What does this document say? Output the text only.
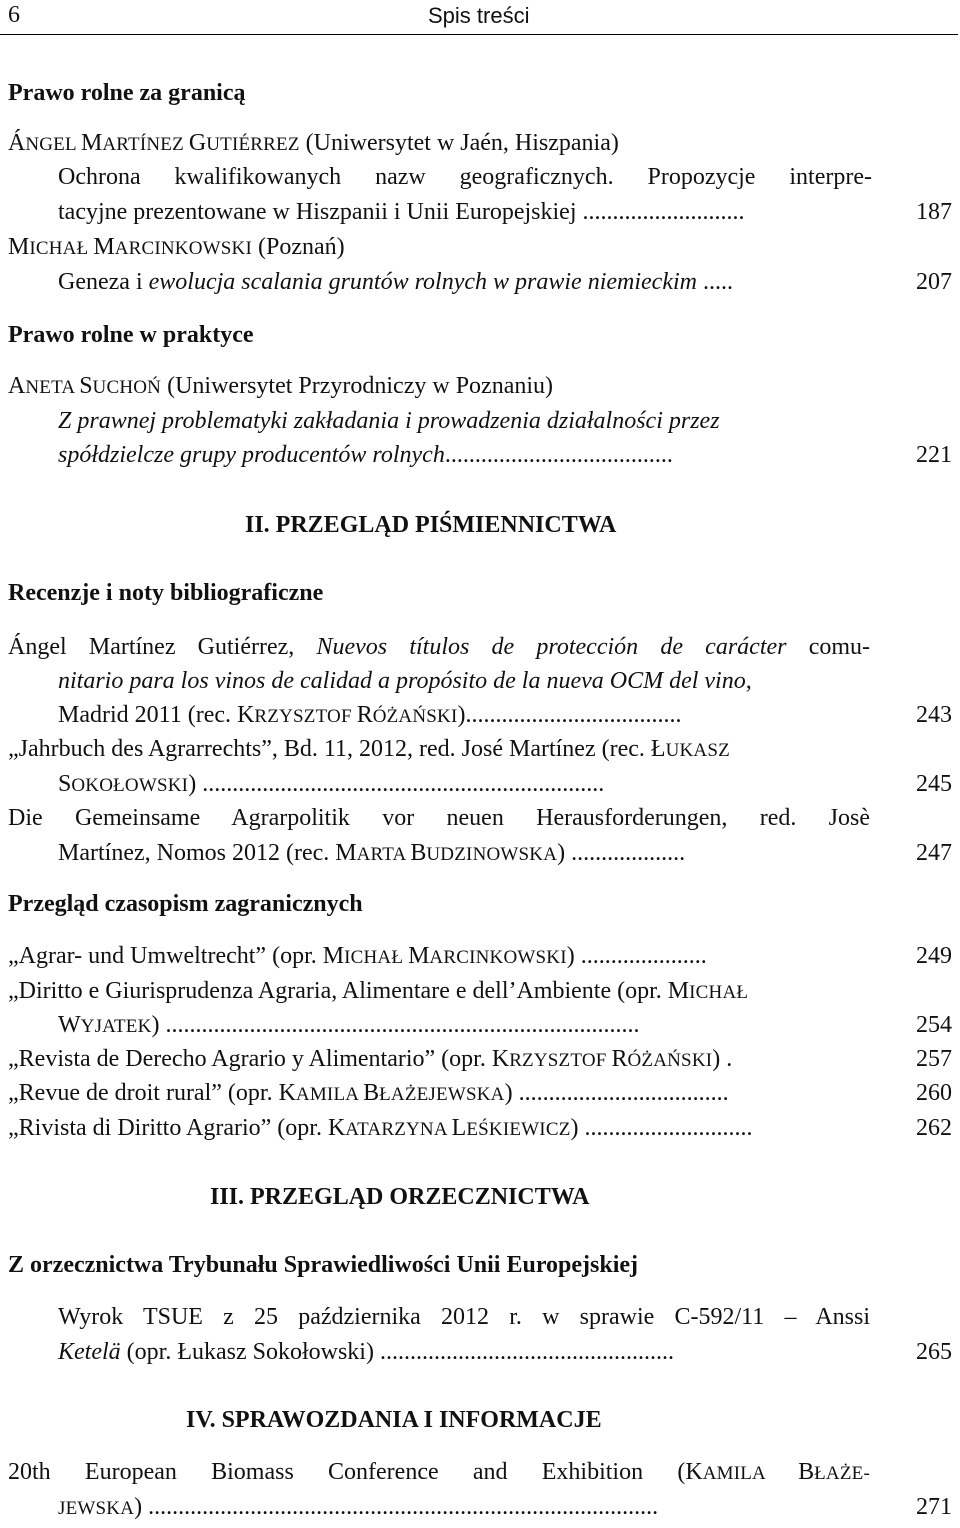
6	Spis treści
Prawo rolne za granicą
ÁNGEL MARTÍNEZ GUTIÉRREZ (Uniwersytet w Jaén, Hiszpania)
Ochrona kwalifikowanych nazw geograficznych. Propozycje interpre-
tacyjne prezentowane w Hiszpanii i Unii Europejskiej ...........................	187
MICHAŁ MARCINKOWSKI (Poznań)
Geneza i ewolucja scalania gruntów rolnych w prawie niemieckim .....	207
Prawo rolne w praktyce
ANETA SUCHOŃ (Uniwersytet Przyrodniczy w Poznaniu)
Z prawnej problematyki zakładania i prowadzenia działalności przez
spółdzielcze grupy producentów rolnych......................................	221
II. PRZEGLĄD PIŚMIENNICTWA
Recenzje i noty bibliograficzne
Ángel Martínez Gutiérrez, Nuevos títulos de protección de carácter comu-
nitario para los vinos de calidad a propósito de la nueva OCM del vino,
Madrid 2011 (rec. KRZYSZTOF RÓŻAŃSKI)....................................	243
„Jahrbuch des Agrarrechts”, Bd. 11, 2012, red. José Martínez (rec. ŁUKASZ
SOKOŁOWSKI) ...................................................................	245
Die Gemeinsame Agrarpolitik vor neuen Herausforderungen, red. Josè
Martínez, Nomos 2012 (rec. MARTA BUDZINOWSKA) ...................	247
Przegląd czasopism zagranicznych
„Agrar- und Umweltrecht” (opr. MICHAŁ MARCINKOWSKI) .....................	249
„Diritto e Giurisprudenza Agraria, Alimentare e dell’Ambiente (opr. MICHAŁ
WYJATEK) ...............................................................................	254
„Revista de Derecho Agrario y Alimentario” (opr. KRZYSZTOF RÓŻAŃSKI) .	257
„Revue de droit rural” (opr. KAMILA BŁAŻEJEWSKA) ...................................	260
„Rivista di Diritto Agrario” (opr. KATARZYNA LEŚKIEWICZ) ............................	262
III. PRZEGLĄD ORZECZNICTWA
Z orzecznictwa Trybunału Sprawiedliwości Unii Europejskiej
Wyrok TSUE z 25 października 2012 r. w sprawie C-592/11 – Anssi
Ketelä (opr. Łukasz Sokołowski) .................................................	265
IV. SPRAWOZDANIA I INFORMACJE
20th European Biomass Conference and Exhibition (KAMILA BŁAŻE-
JEWSKA) .....................................................................................	271
